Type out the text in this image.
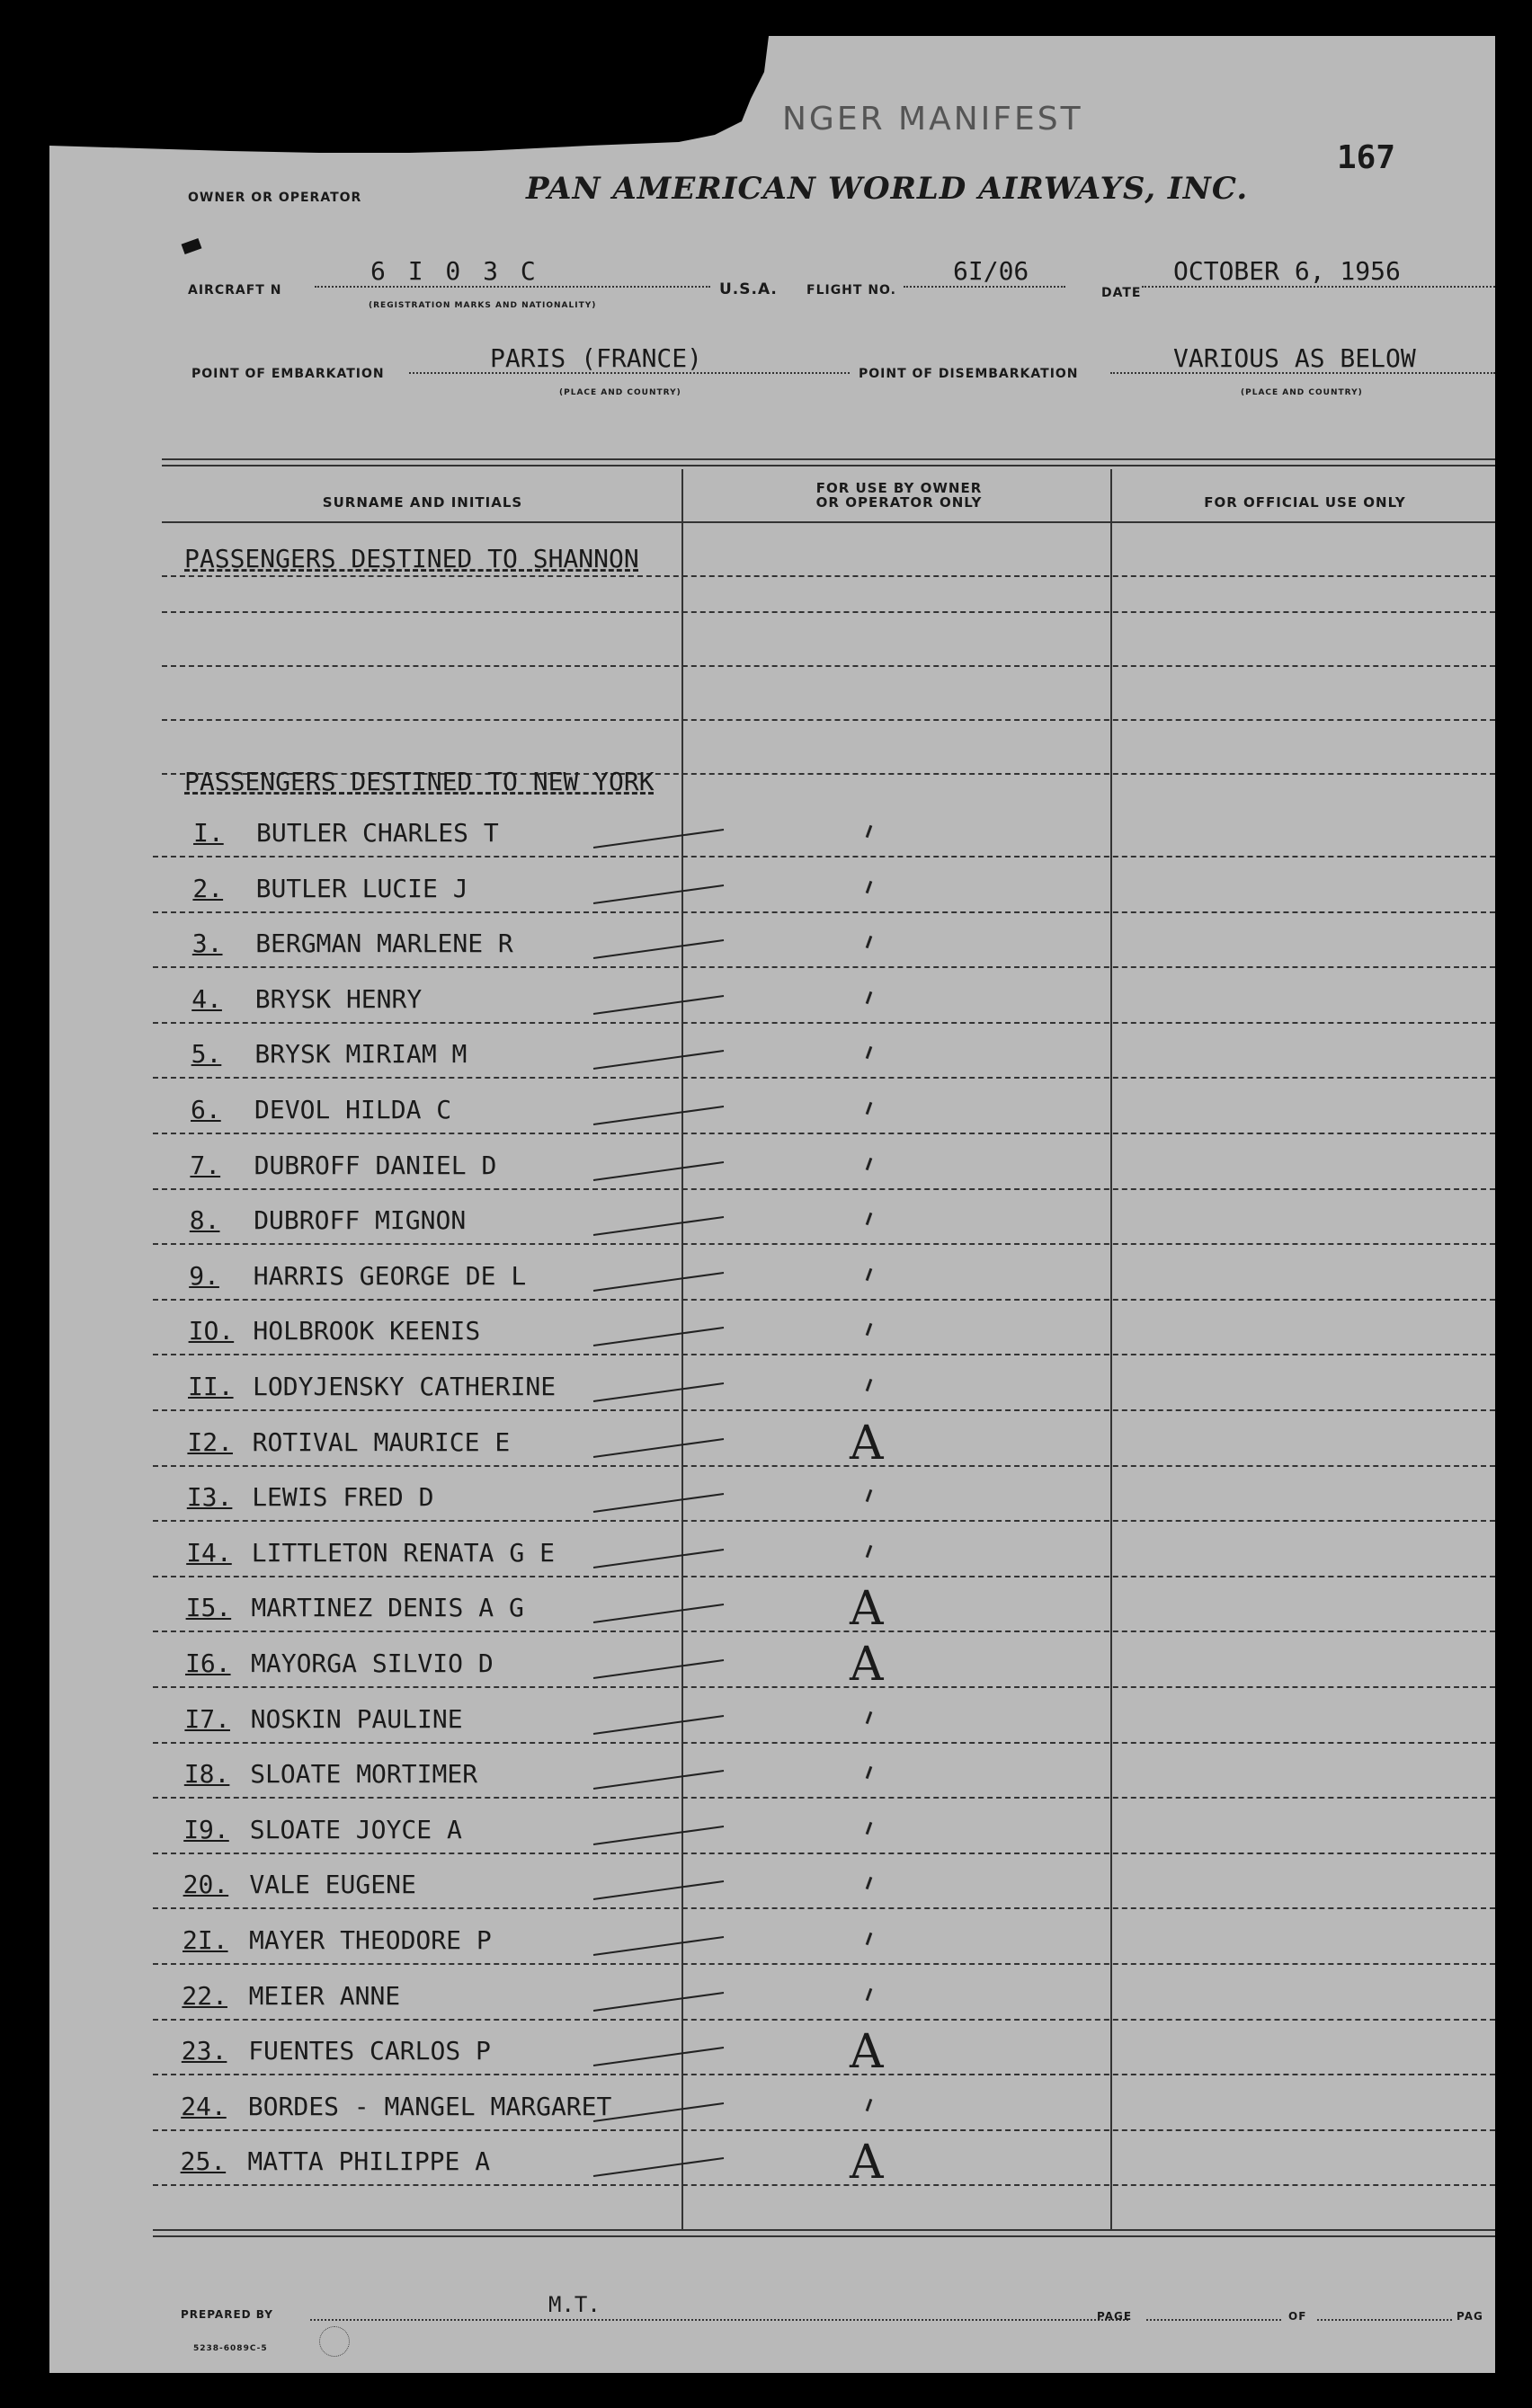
NGER MANIFEST
167
OWNER OR OPERATOR	PAN AMERICAN WORLD AIRWAYS, INC.
AIRCRAFT N
6 I 0 3 C
(REGISTRATION MARKS AND NATIONALITY)
U.S.A. FLIGHT NO.
6I/06
DATE
OCTOBER 6, 1956
POINT OF EMBARKATION
PARIS (FRANCE)
(PLACE AND COUNTRY)
POINT OF DISEMBARKATION
VARIOUS AS BELOW
(PLACE AND COUNTRY)
SURNAME AND INITIALS
FOR USE BY OWNER
OR OPERATOR ONLY	FOR OFFICIAL USE ONLY
PASSENGERS DESTINED TO SHANNON
PASSENGERS DESTINED TO NEW YORK
I. BUTLER CHARLES T
2. BUTLER LUCIE J
3. BERGMAN MARLENE R
4. BRYSK HENRY
5. BRYSK MIRIAM M
6. DEVOL HILDA C
7. DUBROFF DANIEL D
8. DUBROFF MIGNON
9. HARRIS GEORGE DE L
IO. HOLBROOK KEENIS
II. LODYJENSKY CATHERINE
I2. ROTIVAL MAURICE E	A
I3. LEWIS FRED D
I4. LITTLETON RENATA G E
I5. MARTINEZ DENIS A G	A
I6. MAYORGA SILVIO D	A
I7. NOSKIN PAULINE
I8. SLOATE MORTIMER
I9. SLOATE JOYCE A
20. VALE EUGENE
2I. MAYER THEODORE P
22. MEIER ANNE
23. FUENTES CARLOS P	A
24. BORDES - MANGEL MARGARET
25. MATTA PHILIPPE A	A
PREPARED BY	M.T.	PAGE	OF	PAG
5238-6089C-5
